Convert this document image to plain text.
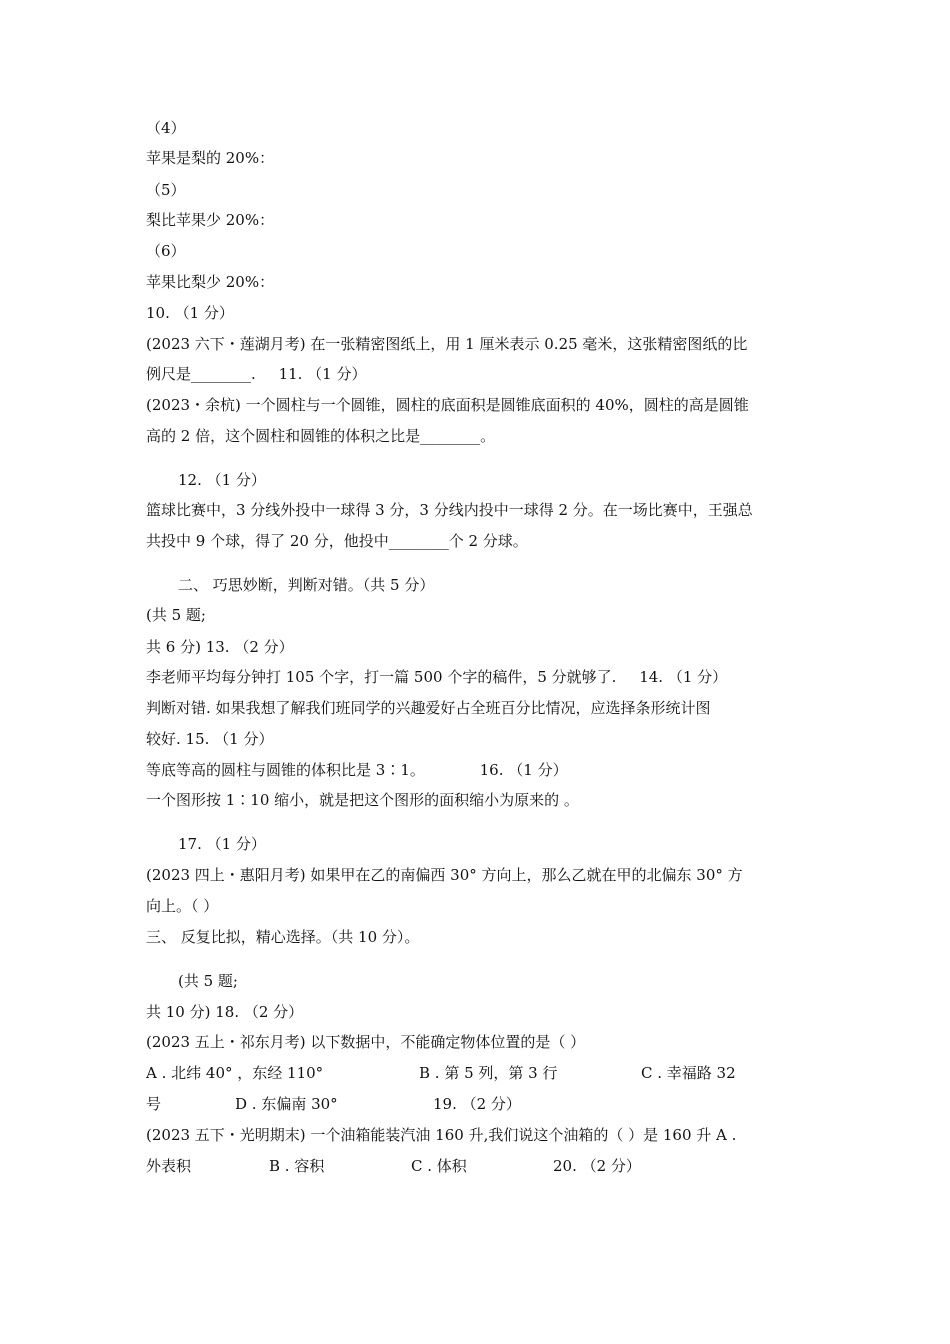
（4）
苹果是梨的 20%：
（5）
梨比苹果少 20%：
（6）
苹果比梨少 20%：
10. （1 分）
(2023 六下・莲湖月考) 在一张精密图纸上，用 1 厘米表示 0.25 毫米，这张精密图纸的比
例尺是________. 11. （1 分）
(2023・余杭) 一个圆柱与一个圆锥，圆柱的底面积是圆锥底面积的 40%，圆柱的高是圆锥
高的 2 倍，这个圆柱和圆锥的体积之比是________。
12. （1 分）
篮球比赛中，3 分线外投中一球得 3 分，3 分线内投中一球得 2 分。在一场比赛中，王强总
共投中 9 个球，得了 20 分，他投中________个 2 分球。
二、 巧思妙断，判断对错。（共 5 分）
(共 5 题;
共 6 分) 13. （2 分）
李老师平均每分钟打 105 个字，打一篇 500 个字的稿件，5 分就够了. 14. （1 分）
判断对错. 如果我想了解我们班同学的兴趣爱好占全班百分比情况，应选择条形统计图
较好. 15. （1 分）
等底等高的圆柱与圆锥的体积比是 3∶1。	16. （1 分）
一个图形按 1∶10 缩小，就是把这个图形的面积缩小为原来的 。
17. （1 分）
(2023 四上・惠阳月考) 如果甲在乙的南偏西 30° 方向上，那么乙就在甲的北偏东 30° 方
向上。（ ）
三、 反复比拟，精心选择。（共 10 分）。
(共 5 题;
共 10 分) 18. （2 分）
(2023 五上・祁东月考) 以下数据中，不能确定物体位置的是（ ）
A . 北纬 40° ，东经 110°	B . 第 5 列，第 3 行	C . 幸福路 32
号	D . 东偏南 30°	19. （2 分）
(2023 五下・光明期末) 一个油箱能装汽油 160 升,我们说这个油箱的（ ）是 160 升 A .
外表积	B . 容积	C . 体积	20. （2 分）
